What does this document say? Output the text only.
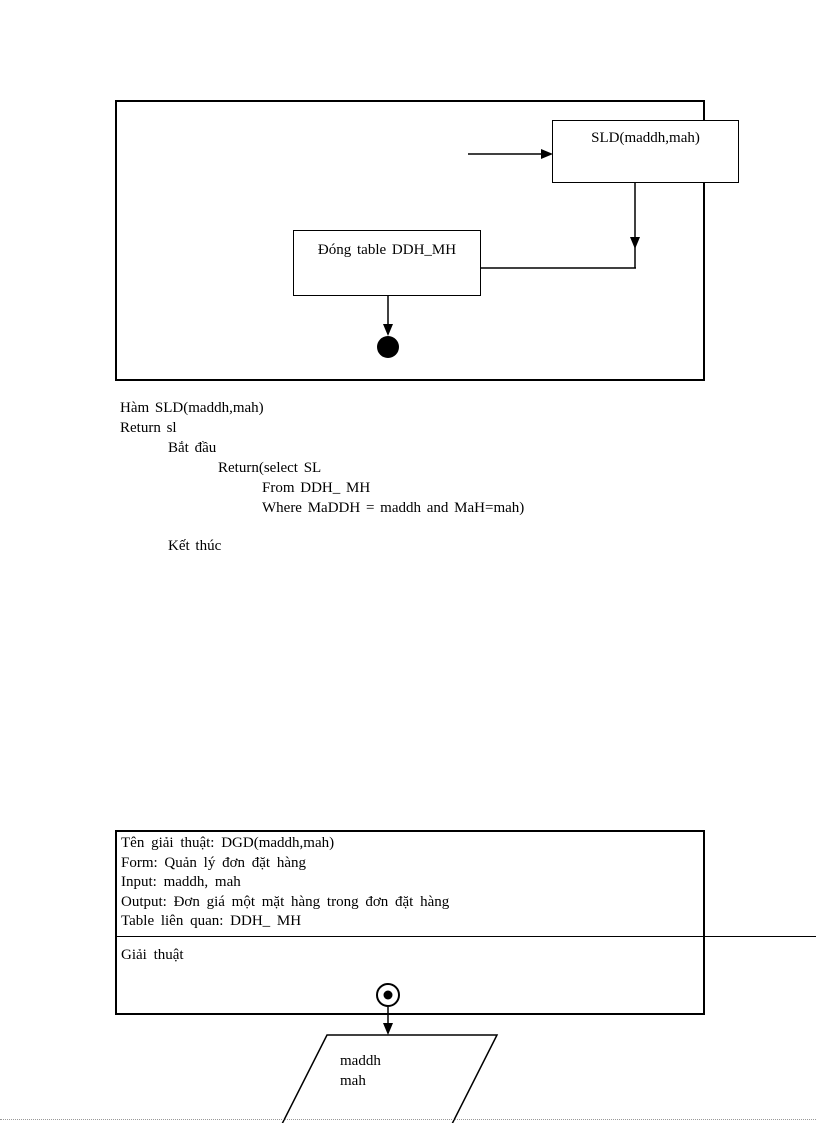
SLD(maddh,mah)
Đóng table DDH_MH
Hàm SLD(maddh,mah)
Return sl
Bắt đầu
Return(select SL
From DDH_ MH
Where MaDDH = maddh and MaH=mah)
Kết thúc
Tên giải thuật: DGD(maddh,mah)
Form: Quản lý đơn đặt hàng
Input: maddh, mah
Output: Đơn giá một mặt hàng trong đơn đặt hàng
Table liên quan: DDH_ MH
Giải thuật
maddh
mah
